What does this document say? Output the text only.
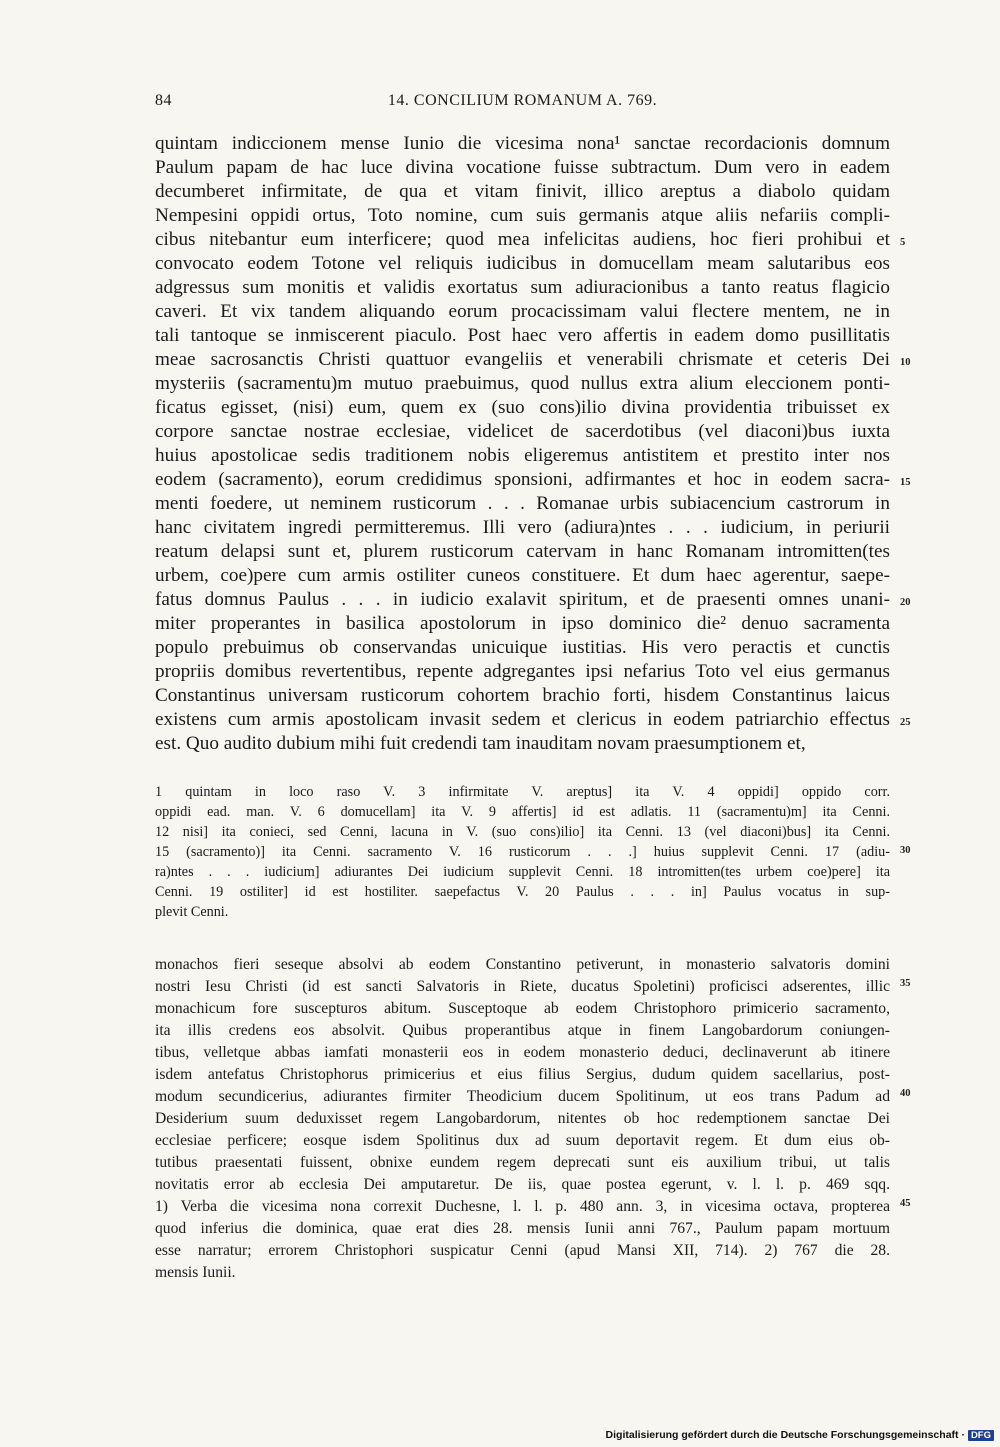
84	14. CONCILIUM ROMANUM A. 769.
quintam indiccionem mense Iunio die vicesima nona¹ sanctae recordacionis domnum
Paulum papam de hac luce divina vocatione fuisse subtractum. Dum vero in eadem
decumberet infirmitate, de qua et vitam finivit, illico areptus a diabolo quidam
Nempesini oppidi ortus, Toto nomine, cum suis germanis atque aliis nefariis compli-
cibus nitebantur eum interficere; quod mea infelicitas audiens, hoc fieri prohibui et
convocato eodem Totone vel reliquis iudicibus in domucellam meam salutaribus eos
adgressus sum monitis et validis exortatus sum adiuracionibus a tanto reatus flagicio
caveri. Et vix tandem aliquando eorum procacissimam valui flectere mentem, ne in
tali tantoque se inmiscerent piaculo. Post haec vero affertis in eadem domo pusillitatis
meae sacrosanctis Christi quattuor evangeliis et venerabili chrismate et ceteris Dei
mysteriis (sacramentu)m mutuo praebuimus, quod nullus extra alium eleccionem ponti-
ficatus egisset, (nisi) eum, quem ex (suo cons)ilio divina providentia tribuisset ex
corpore sanctae nostrae ecclesiae, videlicet de sacerdotibus (vel diaconi)bus iuxta
huius apostolicae sedis traditionem nobis eligeremus antistitem et prestito inter nos
eodem (sacramento), eorum credidimus sponsioni, adfirmantes et hoc in eodem sacra-
menti foedere, ut neminem rusticorum . . . Romanae urbis subiacencium castrorum in
hanc civitatem ingredi permitteremus. Illi vero (adiura)ntes . . . iudicium, in periurii
reatum delapsi sunt et, plurem rusticorum catervam in hanc Romanam intromitten(tes
urbem, coe)pere cum armis ostiliter cuneos constituere. Et dum haec agerentur, saepe-
fatus domnus Paulus . . . in iudicio exalavit spiritum, et de praesenti omnes unani-
miter properantes in basilica apostolorum in ipso dominico die² denuo sacramenta
populo prebuimus ob conservandas unicuique iustitias. His vero peractis et cunctis
propriis domibus revertentibus, repente adgregantes ipsi nefarius Toto vel eius germanus
Constantinus universam rusticorum cohortem brachio forti, hisdem Constantinus laicus
existens cum armis apostolicam invasit sedem et clericus in eodem patriarchio effectus
est. Quo audito dubium mihi fuit credendi tam inauditam novam praesumptionem et,
5
10
15
20
25
1 quintam in loco raso V. 3 infirmitate V. areptus] ita V. 4 oppidi] oppido corr.
oppidi ead. man. V. 6 domucellam] ita V. 9 affertis] id est adlatis. 11 (sacramentu)m] ita Cenni.
12 nisi] ita conieci, sed Cenni, lacuna in V. (suo cons)ilio] ita Cenni. 13 (vel diaconi)bus] ita Cenni.
15 (sacramento)] ita Cenni. sacramento V. 16 rusticorum . . .] huius supplevit Cenni. 17 (adiu-
ra)ntes . . . iudicium] adiurantes Dei iudicium supplevit Cenni. 18 intromitten(tes urbem coe)pere] ita
Cenni. 19 ostiliter] id est hostiliter. saepefactus V. 20 Paulus . . . in] Paulus vocatus in sup-
plevit Cenni.
30
monachos fieri seseque absolvi ab eodem Constantino petiverunt, in monasterio salvatoris domini
nostri Iesu Christi (id est sancti Salvatoris in Riete, ducatus Spoletini) proficisci adserentes, illic
monachicum fore suscepturos abitum. Susceptoque ab eodem Christophoro primicerio sacramento,
ita illis credens eos absolvit. Quibus properantibus atque in finem Langobardorum coniungen-
tibus, velletque abbas iamfati monasterii eos in eodem monasterio deduci, declinaverunt ab itinere
isdem antefatus Christophorus primicerius et eius filius Sergius, dudum quidem sacellarius, post-
modum secundicerius, adiurantes firmiter Theodicium ducem Spolitinum, ut eos trans Padum ad
Desiderium suum deduxisset regem Langobardorum, nitentes ob hoc redemptionem sanctae Dei
ecclesiae perficere; eosque isdem Spolitinus dux ad suum deportavit regem. Et dum eius ob-
tutibus praesentati fuissent, obnixe eundem regem deprecati sunt eis auxilium tribui, ut talis
novitatis error ab ecclesia Dei amputaretur. De iis, quae postea egerunt, v. l. l. p. 469 sqq.
1) Verba die vicesima nona correxit Duchesne, l. l. p. 480 ann. 3, in vicesima octava, propterea
quod inferius die dominica, quae erat dies 28. mensis Iunii anni 767., Paulum papam mortuum
esse narratur; errorem Christophori suspicatur Cenni (apud Mansi XII, 714). 2) 767 die 28.
mensis Iunii.
35
40
45
Digitalisierung gefördert durch die Deutsche Forschungsgemeinschaft · DFG
